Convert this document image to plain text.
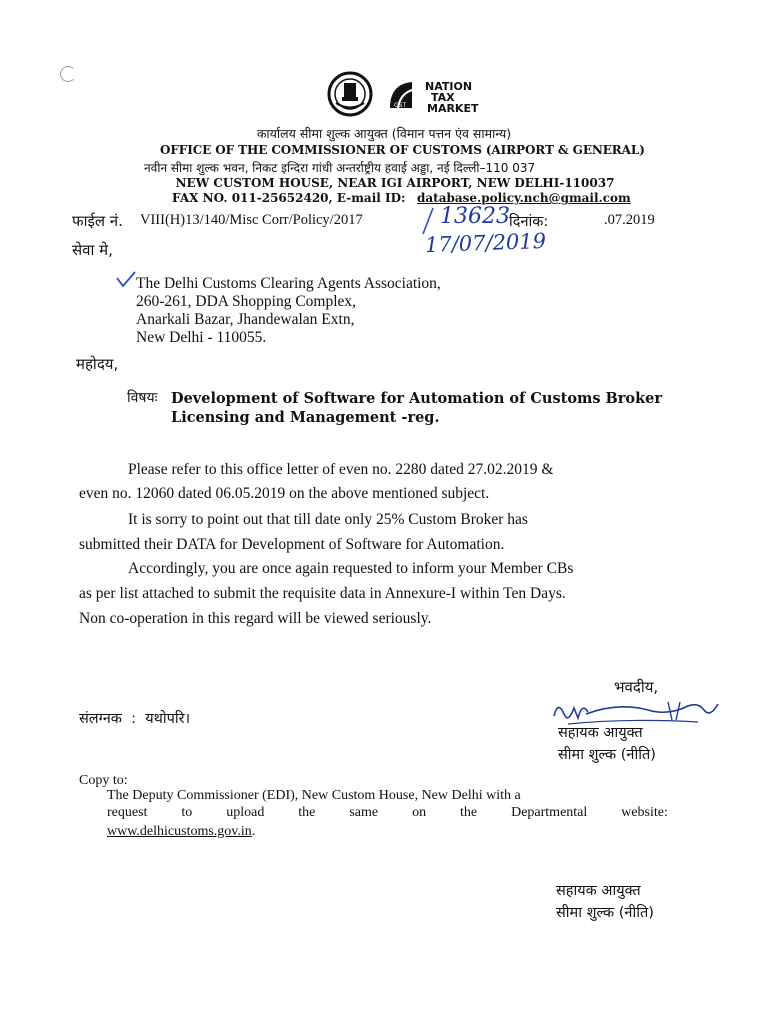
GST
NATION
TAX
MARKET
कार्यालय सीमा शुल्क आयुक्त (विमान पत्तन एंव सामान्य)
OFFICE OF THE COMMISSIONER OF CUSTOMS (AIRPORT & GENERAL)
नवीन सीमा शुल्क भवन, निकट इन्दिरा गांधी अन्तर्राष्ट्रीय हवाई अड्डा, नई दिल्ली–110 037
NEW CUSTOM HOUSE, NEAR IGI AIRPORT, NEW DELHI-110037
FAX NO. 011-25652420, E-mail ID: database.policy.nch@gmail.com
फाईल नं. VIII(H)13/140/Misc Corr/Policy/2017	13623 दिनांक:	.07.2019
17/07/2019
सेवा मे,
The Delhi Customs Clearing Agents Association,
260-261, DDA Shopping Complex,
Anarkali Bazar, Jhandewalan Extn,
New Delhi - 110055.
महोदय,
विषयः Development of Software for Automation of Customs Broker
Licensing and Management -reg.
Please refer to this office letter of even no. 2280 dated 27.02.2019 &
even no. 12060 dated 06.05.2019 on the above mentioned subject.
It is sorry to point out that till date only 25% Custom Broker has
submitted their DATA for Development of Software for Automation.
Accordingly, you are once again requested to inform your Member CBs
as per list attached to submit the requisite data in Annexure-I within Ten Days.
Non co-operation in this regard will be viewed seriously.
भवदीय,
संलग्नक  :  यथोपरि।
सहायक आयुक्त
सीमा शुल्क (नीति)
Copy to:
The Deputy Commissioner (EDI), New Custom House, New Delhi with a
request to upload the same on the Departmental website:
www.delhicustoms.gov.in.
सहायक आयुक्त
सीमा शुल्क (नीति)
